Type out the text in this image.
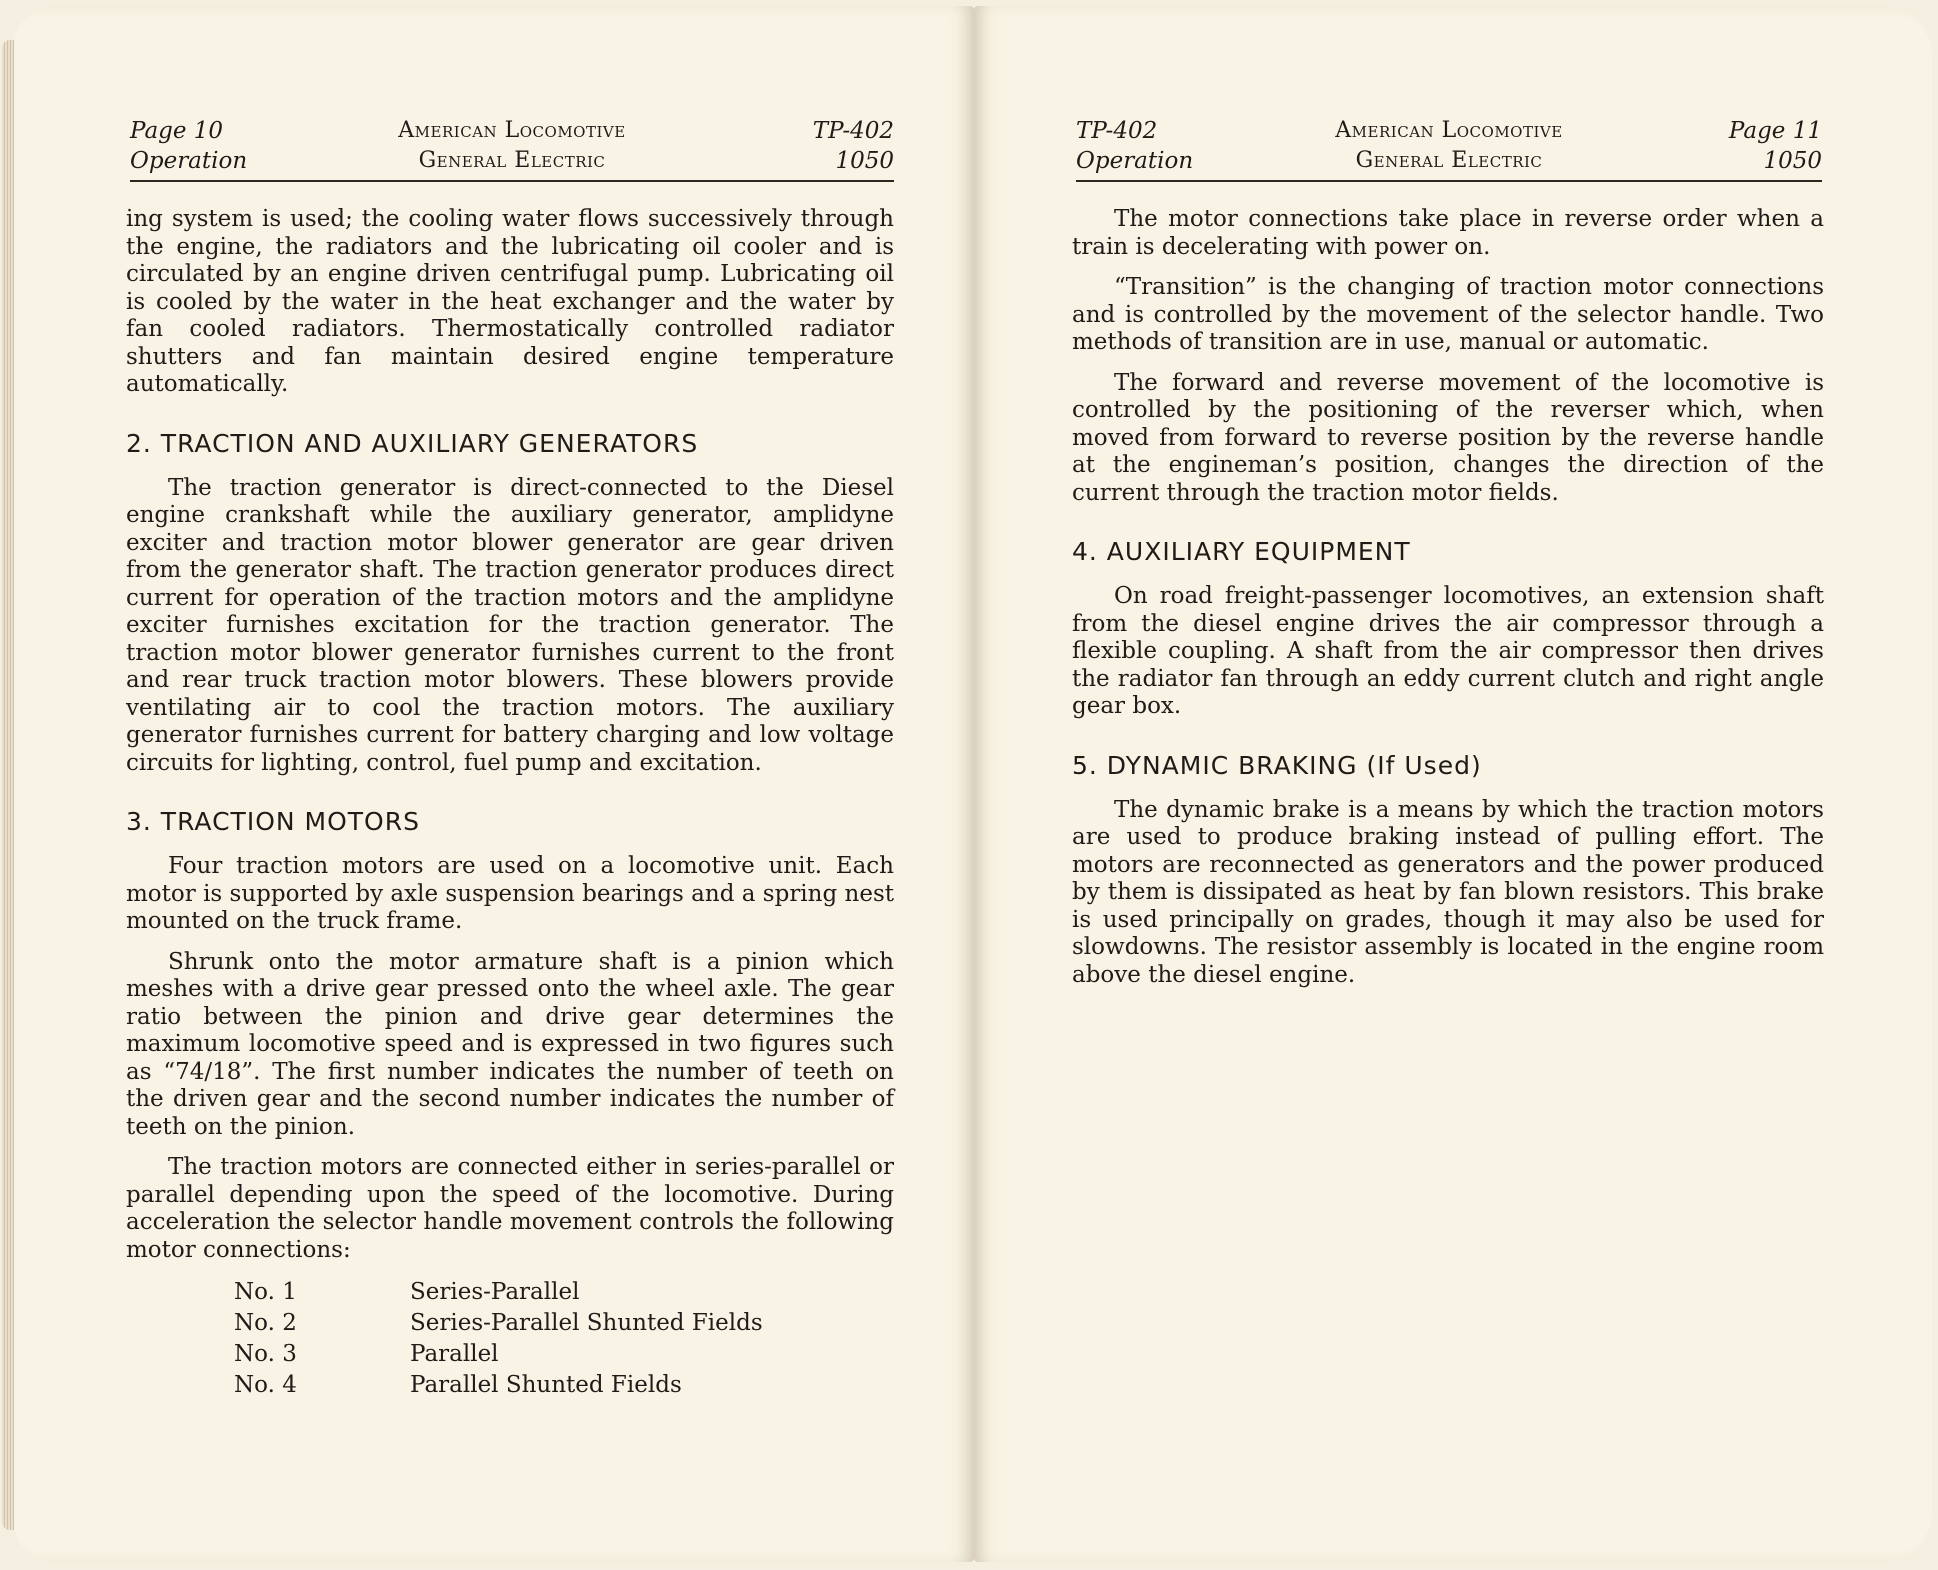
Page 10	American Locomotive	TP-402
Operation	General Electric	1050

ing system is used; the cooling water flows successively through the engine, the radiators and the lubricating oil cooler and is circulated by an engine driven centrifugal pump. Lubricating oil is cooled by the water in the heat exchanger and the water by fan cooled radiators. Thermostatically controlled radiator shutters and fan maintain desired engine temperature automatically.

2. TRACTION AND AUXILIARY GENERATORS

The traction generator is direct-connected to the Diesel engine crankshaft while the auxiliary generator, amplidyne exciter and traction motor blower generator are gear driven from the generator shaft. The traction generator produces direct current for operation of the traction motors and the amplidyne exciter furnishes excitation for the traction generator. The traction motor blower generator furnishes current to the front and rear truck traction motor blowers. These blowers provide ventilating air to cool the traction motors. The auxiliary generator furnishes current for battery charging and low voltage circuits for lighting, control, fuel pump and excitation.

3. TRACTION MOTORS

Four traction motors are used on a locomotive unit. Each motor is supported by axle suspension bearings and a spring nest mounted on the truck frame.

Shrunk onto the motor armature shaft is a pinion which meshes with a drive gear pressed onto the wheel axle. The gear ratio between the pinion and drive gear determines the maximum locomotive speed and is expressed in two figures such as “74/18”. The first number indicates the number of teeth on the driven gear and the second number indicates the number of teeth on the pinion.

The traction motors are connected either in series-parallel or parallel depending upon the speed of the locomotive. During acceleration the selector handle movement controls the following motor connections:

No. 1	Series-Parallel
No. 2	Series-Parallel Shunted Fields
No. 3	Parallel
No. 4	Parallel Shunted Fields
TP-402	American Locomotive	Page 11
Operation	General Electric	1050

The motor connections take place in reverse order when a train is decelerating with power on.

“Transition” is the changing of traction motor connections and is controlled by the movement of the selector handle. Two methods of transition are in use, manual or automatic.

The forward and reverse movement of the locomotive is controlled by the positioning of the reverser which, when moved from forward to reverse position by the reverse handle at the engineman’s position, changes the direction of the current through the traction motor fields.

4. AUXILIARY EQUIPMENT

On road freight-passenger locomotives, an extension shaft from the diesel engine drives the air compressor through a flexible coupling. A shaft from the air compressor then drives the radiator fan through an eddy current clutch and right angle gear box.

5. DYNAMIC BRAKING (If Used)

The dynamic brake is a means by which the traction motors are used to produce braking instead of pulling effort. The motors are reconnected as generators and the power produced by them is dissipated as heat by fan blown resistors. This brake is used principally on grades, though it may also be used for slowdowns. The resistor assembly is located in the engine room above the diesel engine.
